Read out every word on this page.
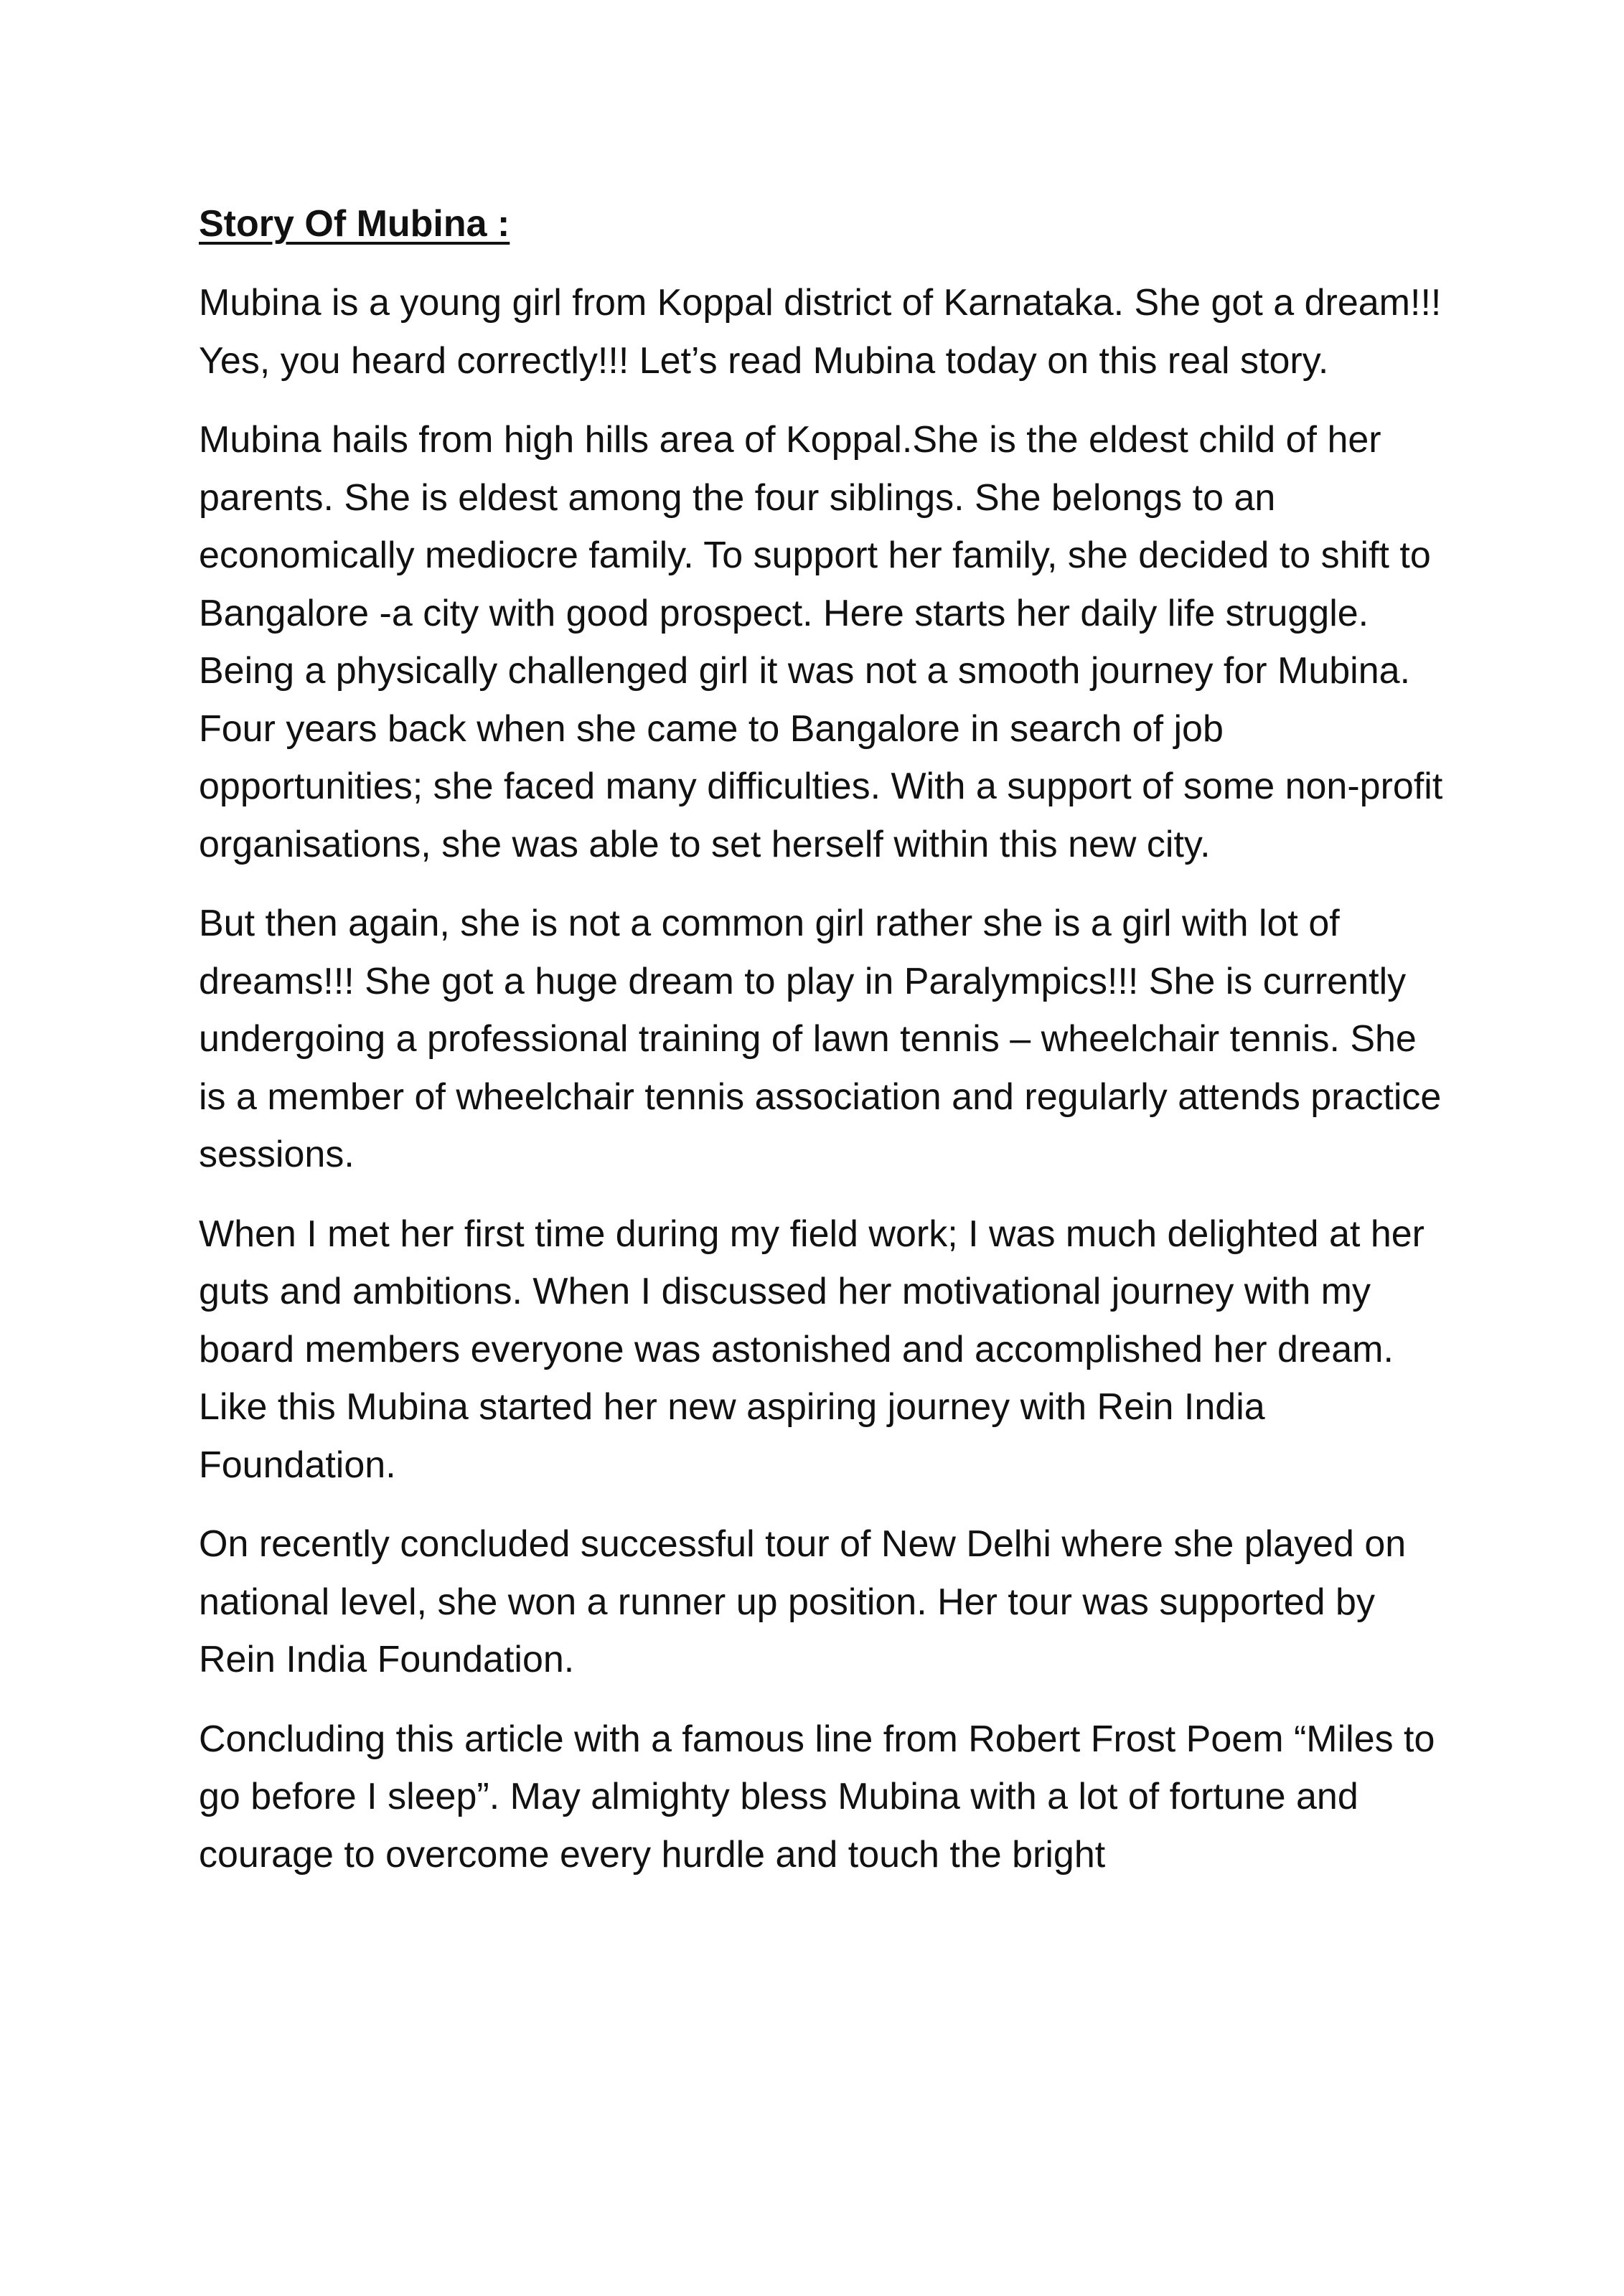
Story Of Mubina :

Mubina is a young girl from Koppal district of Karnataka. She got a dream!!! Yes, you heard correctly!!! Let’s read Mubina today on this real story.

Mubina hails from high hills area of Koppal.She is the eldest child of her parents. She is eldest among the four siblings. She belongs to an economically mediocre family. To support her family, she decided to shift to Bangalore -a city with good prospect. Here starts her daily life struggle. Being a physically challenged girl it was not a smooth journey for Mubina. Four years back when she came to Bangalore in search of job opportunities; she faced many difficulties. With a support of some non-profit organisations, she was able to set herself within this new city.

But then again, she is not a common girl rather she is a girl with lot of dreams!!! She got a huge dream to play in Paralympics!!! She is currently undergoing a professional training of lawn tennis – wheelchair tennis. She is a member of wheelchair tennis association and regularly attends practice sessions.

When I met her first time during my field work; I was much delighted at her guts and ambitions. When I discussed her motivational journey with my board members everyone was astonished and accomplished her dream. Like this Mubina started her new aspiring journey with Rein India Foundation.

On recently concluded successful tour of New Delhi where she played on national level, she won a runner up position. Her tour was supported by Rein India Foundation.

Concluding this article with a famous line from Robert Frost Poem “Miles to go before I sleep”. May almighty bless Mubina with a lot of fortune and courage to overcome every hurdle and touch the bright
